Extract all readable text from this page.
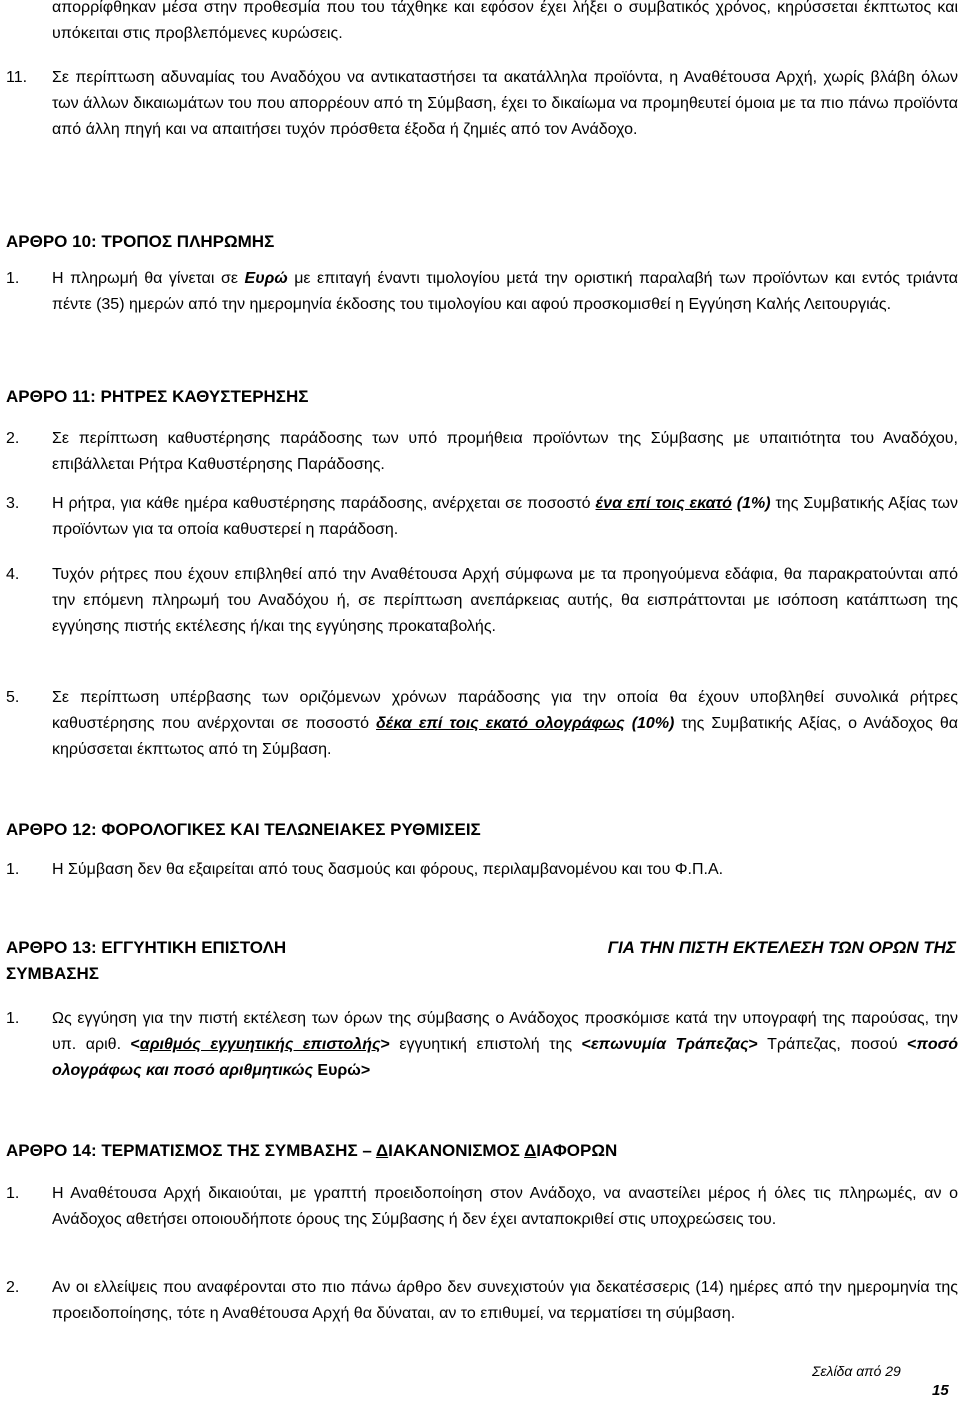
απορρίφθηκαν μέσα στην προθεσμία που του τάχθηκε και εφόσον έχει λήξει ο συμβατικός χρόνος, κηρύσσεται έκπτωτος και υπόκειται στις προβλεπόμενες κυρώσεις.
11. Σε περίπτωση αδυναμίας του Αναδόχου να αντικαταστήσει τα ακατάλληλα προϊόντα, η Αναθέτουσα Αρχή, χωρίς βλάβη όλων των άλλων δικαιωμάτων του που απορρέουν από τη Σύμβαση, έχει το δικαίωμα να προμηθευτεί όμοια με τα πιο πάνω προϊόντα από άλλη πηγή και να απαιτήσει τυχόν πρόσθετα έξοδα ή ζημιές από τον Ανάδοχο.
ΑΡΘΡΟ 10: ΤΡΟΠΟΣ ΠΛΗΡΩΜΗΣ
1. Η πληρωμή θα γίνεται σε Ευρώ με επιταγή έναντι τιμολογίου μετά την οριστική παραλαβή των προϊόντων και εντός τριάντα πέντε (35) ημερών από την ημερομηνία έκδοσης του τιμολογίου και αφού προσκομισθεί η Εγγύηση Καλής Λειτουργιάς.
ΑΡΘΡΟ 11: ΡΗΤΡΕΣ ΚΑΘΥΣΤΕΡΗΣΗΣ
2. Σε περίπτωση καθυστέρησης παράδοσης των υπό προμήθεια προϊόντων της Σύμβασης με υπαιτιότητα του Αναδόχου, επιβάλλεται Ρήτρα Καθυστέρησης Παράδοσης.
3. Η ρήτρα, για κάθε ημέρα καθυστέρησης παράδοσης, ανέρχεται σε ποσοστό ένα επί τοις εκατό (1%) της Συμβατικής Αξίας των προϊόντων για τα οποία καθυστερεί η παράδοση.
4. Τυχόν ρήτρες που έχουν επιβληθεί από την Αναθέτουσα Αρχή σύμφωνα με τα προηγούμενα εδάφια, θα παρακρατούνται από την επόμενη πληρωμή του Αναδόχου ή, σε περίπτωση ανεπάρκειας αυτής, θα εισπράττονται με ισόποση κατάπτωση της εγγύησης πιστής εκτέλεσης ή/και της εγγύησης προκαταβολής.
5. Σε περίπτωση υπέρβασης των οριζόμενων χρόνων παράδοσης για την οποία θα έχουν υποβληθεί συνολικά ρήτρες καθυστέρησης που ανέρχονται σε ποσοστό δέκα επί τοις εκατό ολογράφως (10%) της Συμβατικής Αξίας, ο Ανάδοχος θα κηρύσσεται έκπτωτος από τη Σύμβαση.
ΑΡΘΡΟ 12: ΦΟΡΟΛΟΓΙΚΕΣ ΚΑΙ ΤΕΛΩΝΕΙΑΚΕΣ ΡΥΘΜΙΣΕΙΣ
1. Η Σύμβαση δεν θα εξαιρείται από τους δασμούς και φόρους, περιλαμβανομένου και του Φ.Π.Α.
ΑΡΘΡΟ 13: ΕΓΓΥΗΤΙΚΗ ΕΠΙΣΤΟΛΗ	ΓΙΑ ΤΗΝ ΠΙΣΤΗ ΕΚΤΕΛΕΣΗ ΤΩΝ ΟΡΩΝ ΤΗΣ
ΣΥΜΒΑΣΗΣ
1. Ως εγγύηση για την πιστή εκτέλεση των όρων της σύμβασης ο Ανάδοχος προσκόμισε κατά την υπογραφή της παρούσας, την υπ. αριθ. <αριθμός εγγυητικής επιστολής> εγγυητική επιστολή της <επωνυμία Τράπεζας> Τράπεζας, ποσού <ποσό ολογράφως και ποσό αριθμητικώς Ευρώ>
ΑΡΘΡΟ 14: ΤΕΡΜΑΤΙΣΜΟΣ ΤΗΣ ΣΥΜΒΑΣΗΣ – ΔΙΑΚΑΝΟΝΙΣΜΟΣ ΔΙΑΦΟΡΩΝ
1. Η Αναθέτουσα Αρχή δικαιούται, με γραπτή προειδοποίηση στον Ανάδοχο, να αναστείλει μέρος ή όλες τις πληρωμές, αν ο Ανάδοχος αθετήσει οποιουδήποτε όρους της Σύμβασης ή δεν έχει ανταποκριθεί στις υποχρεώσεις του.
2. Αν οι ελλείψεις που αναφέρονται στο πιο πάνω άρθρο δεν συνεχιστούν για δεκατέσσερις (14) ημέρες από την ημερομηνία της προειδοποίησης, τότε η Αναθέτουσα Αρχή θα δύναται, αν το επιθυμεί, να τερματίσει τη σύμβαση.
Σελίδα από 29
15
